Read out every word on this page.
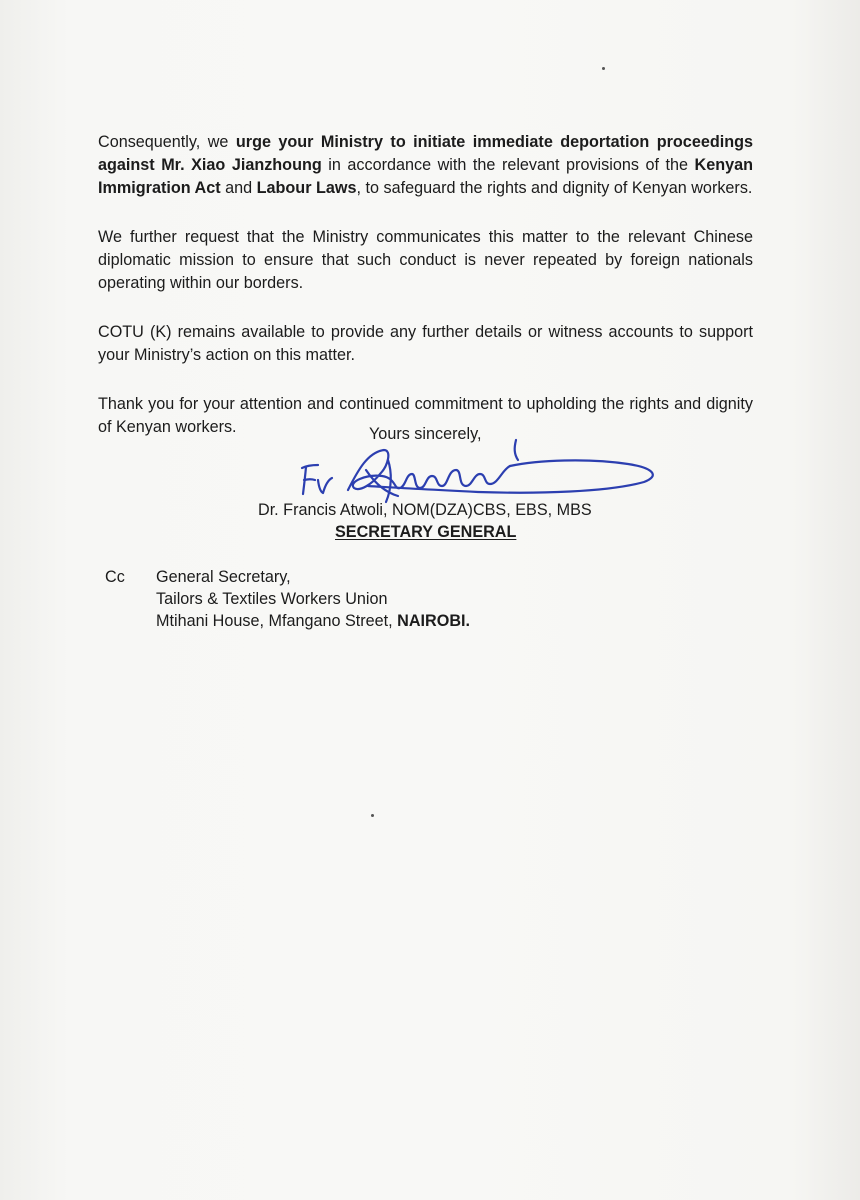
Consequently, we urge your Ministry to initiate immediate deportation proceedings against Mr. Xiao Jianzhoung in accordance with the relevant provisions of the Kenyan Immigration Act and Labour Laws, to safeguard the rights and dignity of Kenyan workers.

We further request that the Ministry communicates this matter to the relevant Chinese diplomatic mission to ensure that such conduct is never repeated by foreign nationals operating within our borders.

COTU (K) remains available to provide any further details or witness accounts to support your Ministry’s action on this matter.

Thank you for your attention and continued commitment to upholding the rights and dignity of Kenyan workers.	Yours sincerely,
Dr. Francis Atwoli, NOM(DZA)CBS, EBS, MBS
SECRETARY GENERAL
Cc General Secretary,
Tailors & Textiles Workers Union
Mtihani House, Mfangano Street, NAIROBI.
